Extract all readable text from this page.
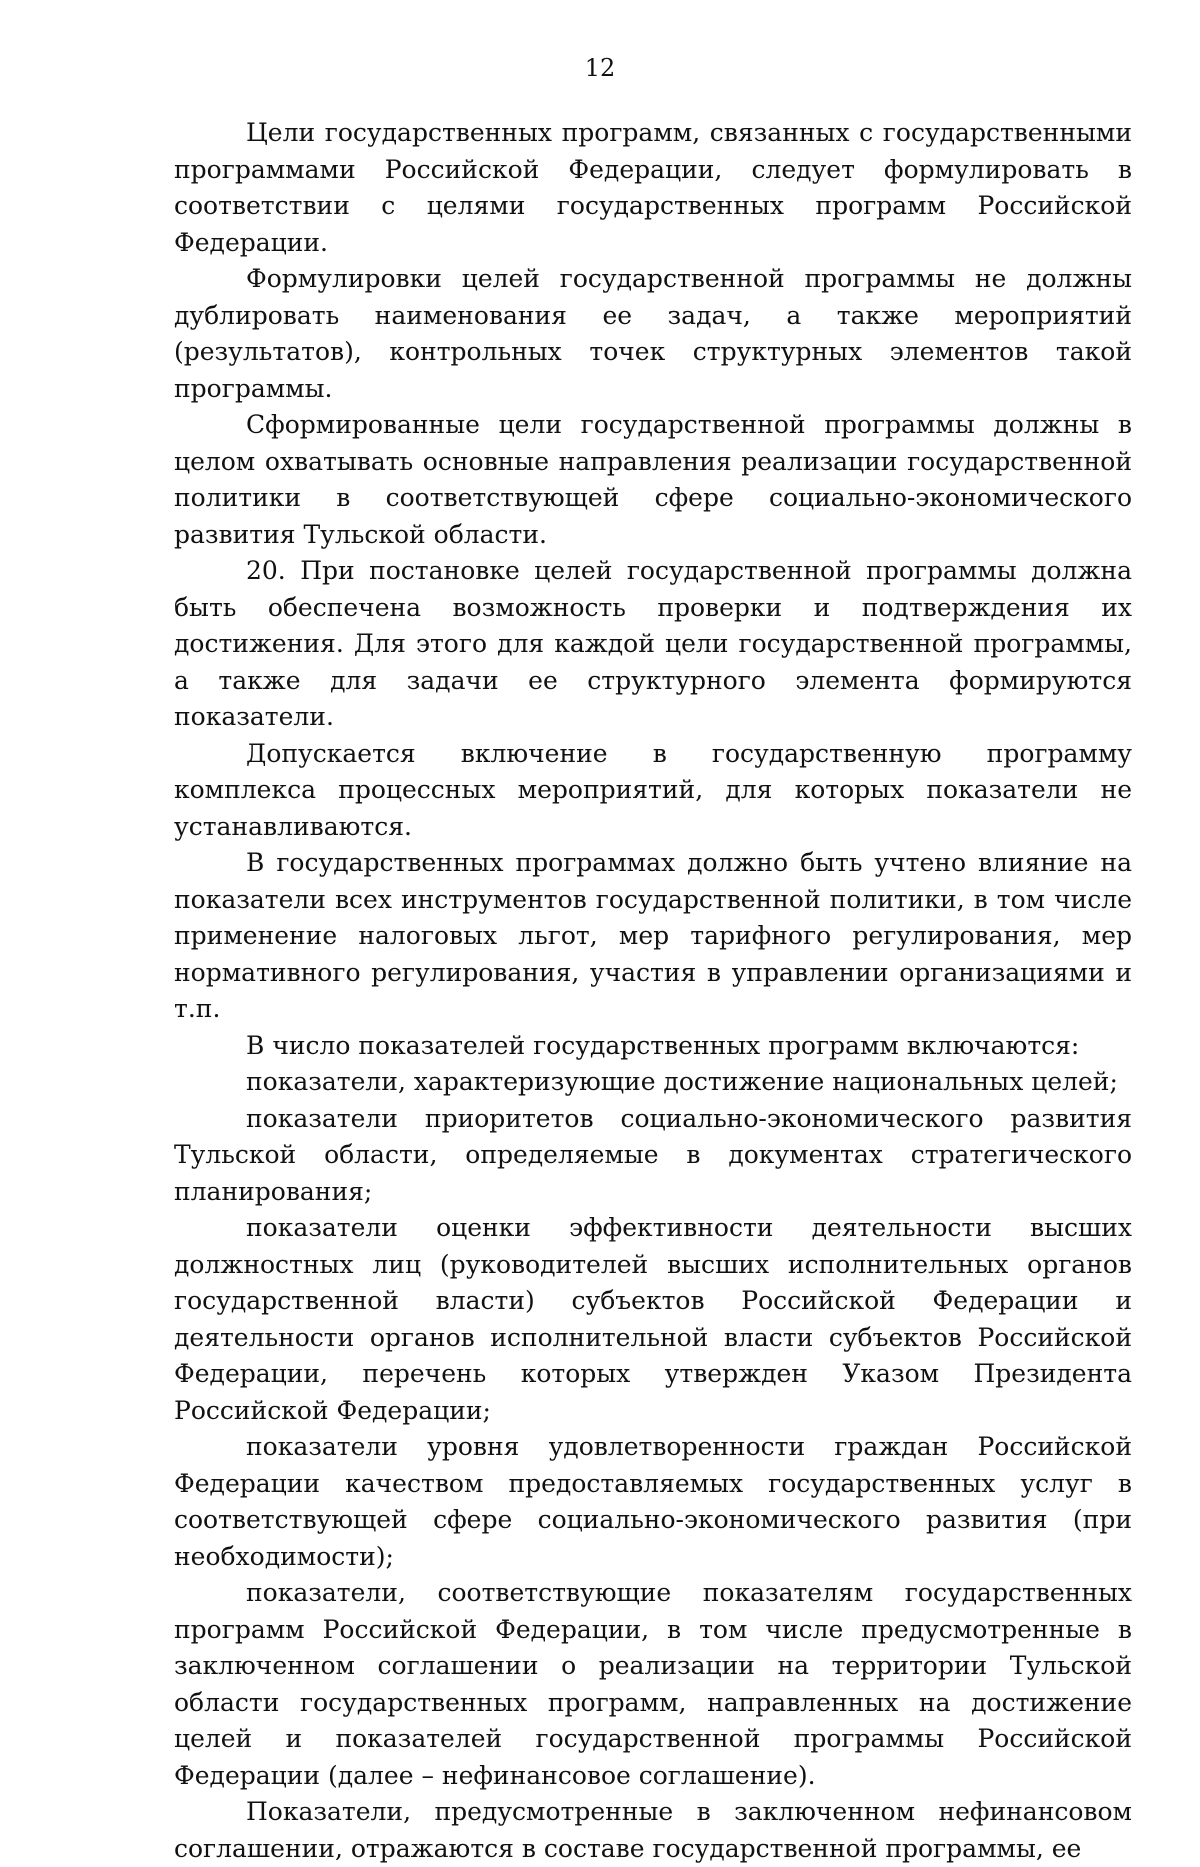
12

Цели государственных программ, связанных с государственными программами Российской Федерации, следует формулировать в соответствии с целями государственных программ Российской Федерации.

Формулировки целей государственной программы не должны дублировать наименования ее задач, а также мероприятий (результатов), контрольных точек структурных элементов такой программы.

Сформированные цели государственной программы должны в целом охватывать основные направления реализации государственной политики в соответствующей сфере социально-экономического развития Тульской области.

20. При постановке целей государственной программы должна быть обеспечена возможность проверки и подтверждения их достижения. Для этого для каждой цели государственной программы, а также для задачи ее структурного элемента формируются показатели.

Допускается включение в государственную программу комплекса процессных мероприятий, для которых показатели не устанавливаются.

В государственных программах должно быть учтено влияние на показатели всех инструментов государственной политики, в том числе применение налоговых льгот, мер тарифного регулирования, мер нормативного регулирования, участия в управлении организациями и т.п.

В число показателей государственных программ включаются:

показатели, характеризующие достижение национальных целей;

показатели приоритетов социально-экономического развития Тульской области, определяемые в документах стратегического планирования;

показатели оценки эффективности деятельности высших должностных лиц (руководителей высших исполнительных органов государственной власти) субъектов Российской Федерации и деятельности органов исполнительной власти субъектов Российской Федерации, перечень которых утвержден Указом Президента Российской Федерации;

показатели уровня удовлетворенности граждан Российской Федерации качеством предоставляемых государственных услуг в соответствующей сфере социально-экономического развития (при необходимости);

показатели, соответствующие показателям государственных программ Российской Федерации, в том числе предусмотренные в заключенном соглашении о реализации на территории Тульской области государственных программ, направленных на достижение целей и показателей государственной программы Российской Федерации (далее – нефинансовое соглашение).

Показатели, предусмотренные в заключенном нефинансовом соглашении, отражаются в составе государственной программы, ее
